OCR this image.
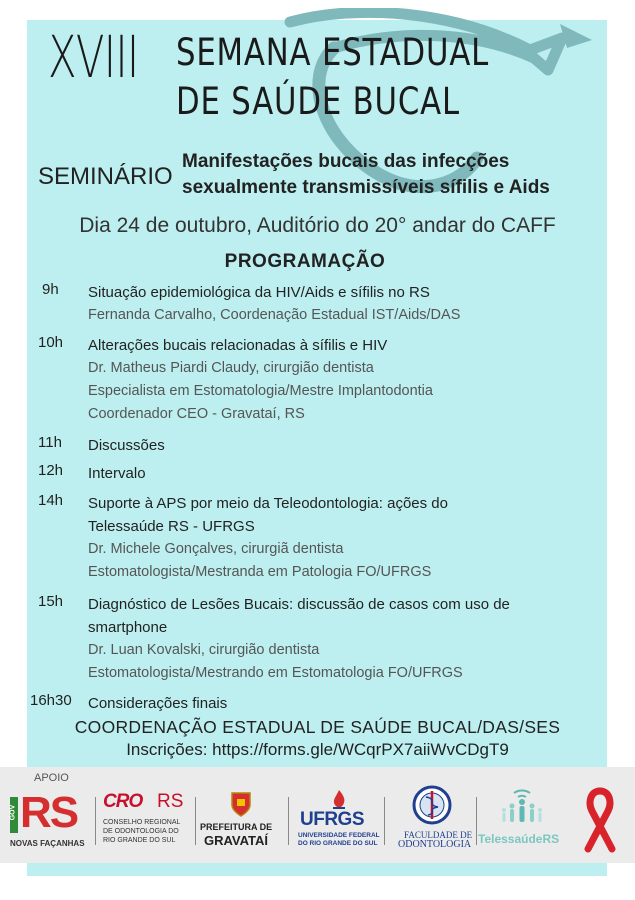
XVIII SEMANA ESTADUAL
DE SAÚDE BUCAL
SEMINÁRIO
Manifestações bucais das infecções
sexualmente transmissíveis sífilis e Aids
Dia 24 de outubro, Auditório do 20° andar do CAFF
PROGRAMAÇÃO
9h	Situação epidemiológica da HIV/Aids e sífilis no RS
Fernanda Carvalho, Coordenação Estadual IST/Aids/DAS
10h	Alterações bucais relacionadas à sífilis e HIV
Dr. Matheus Piardi Claudy, cirurgião dentista
Especialista em Estomatologia/Mestre Implantodontia
Coordenador CEO - Gravataí, RS
11h	Discussões
12h	Intervalo
14h	Suporte à APS por meio da Teleodontologia: ações do
Telessaúde RS - UFRGS
Dr. Michele Gonçalves, cirurgiã dentista
Estomatologista/Mestranda em Patologia FO/UFRGS
15h	Diagnóstico de Lesões Bucais: discussão de casos com uso de
smartphone
Dr. Luan Kovalski, cirurgião dentista
Estomatologista/Mestrando em Estomatologia FO/UFRGS
16h30	Considerações finais
COORDENAÇÃO ESTADUAL DE SAÚDE BUCAL/DAS/SES
Inscrições: https://forms.gle/WCqrPX7aiiWvCDgT9
APOIO
GOV RS
NOVAS FAÇANHAS
CRO RS
CONSELHO REGIONAL
DE ODONTOLOGIA DO
RIO GRANDE DO SUL
PREFEITURA DE
GRAVATAÍ
UFRGS
UNIVERSIDADE FEDERAL
DO RIO GRANDE DO SUL
FACULDADE DE
ODONTOLOGIA TelessaúdeRS
